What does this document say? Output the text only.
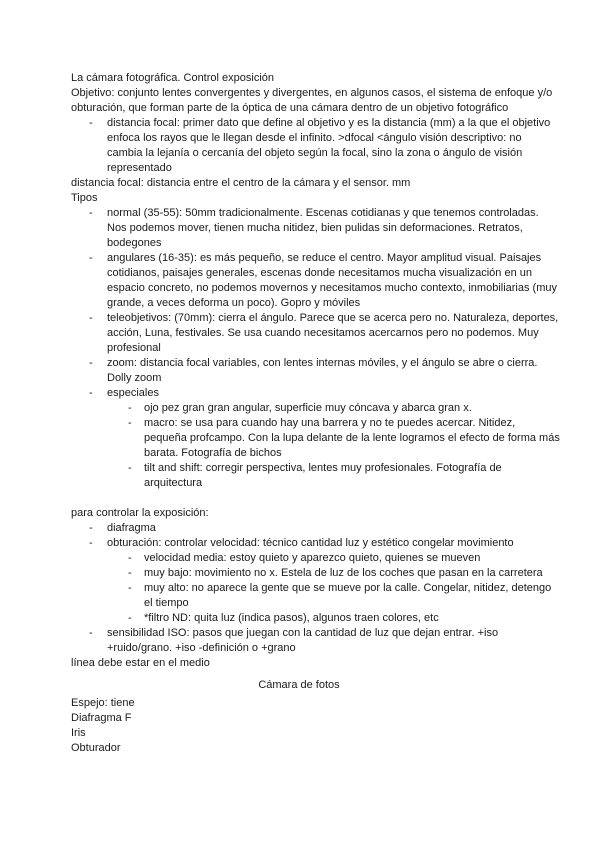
La cámara fotográfica. Control exposición

Objetivo: conjunto lentes convergentes y divergentes, en algunos casos, el sistema de enfoque y/o obturación, que forman parte de la óptica de una cámara dentro de un objetivo fotográfico

- distancia focal: primer dato que define al objetivo y es la distancia (mm) a la que el objetivo enfoca los rayos que le llegan desde el infinito. >dfocal <ángulo visión descriptivo: no cambia la lejanía o cercanía del objeto según la focal, sino la zona o ángulo de visión representado

distancia focal: distancia entre el centro de la cámara y el sensor. mm

Tipos

- normal (35-55): 50mm tradicionalmente. Escenas cotidianas y que tenemos controladas. Nos podemos mover, tienen mucha nitidez, bien pulidas sin deformaciones. Retratos, bodegones
- angulares (16-35): es más pequeño, se reduce el centro. Mayor amplitud visual. Paisajes cotidianos, paisajes generales, escenas donde necesitamos mucha visualización en un espacio concreto, no podemos movernos y necesitamos mucho contexto, inmobiliarias (muy grande, a veces deforma un poco). Gopro y móviles
- teleobjetivos: (70mm): cierra el ángulo. Parece que se acerca pero no. Naturaleza, deportes, acción, Luna, festivales. Se usa cuando necesitamos acercarnos pero no podemos. Muy profesional
- zoom: distancia focal variables, con lentes internas móviles, y el ángulo se abre o cierra. Dolly zoom
- especiales
- ojo pez gran gran angular, superficie muy cóncava y abarca gran x.
- macro: se usa para cuando hay una barrera y no te puedes acercar. Nitidez, pequeña profcampo. Con la lupa delante de la lente logramos el efecto de forma más barata. Fotografía de bichos
- tilt and shift: corregir perspectiva, lentes muy profesionales. Fotografía de arquitectura

para controlar la exposición:

- diafragma
- obturación: controlar velocidad: técnico cantidad luz y estético congelar movimiento
- velocidad media: estoy quieto y aparezco quieto, quienes se mueven
- muy bajo: movimiento no x. Estela de luz de los coches que pasan en la carretera
- muy alto: no aparece la gente que se mueve por la calle. Congelar, nitidez, detengo el tiempo
- *filtro ND: quita luz (indica pasos), algunos traen colores, etc
- sensibilidad ISO: pasos que juegan con la cantidad de luz que dejan entrar. +iso +ruido/grano. +iso -definición o +grano

línea debe estar en el medio

Cámara de fotos

Espejo: tiene

Diafragma F

Iris

Obturador
